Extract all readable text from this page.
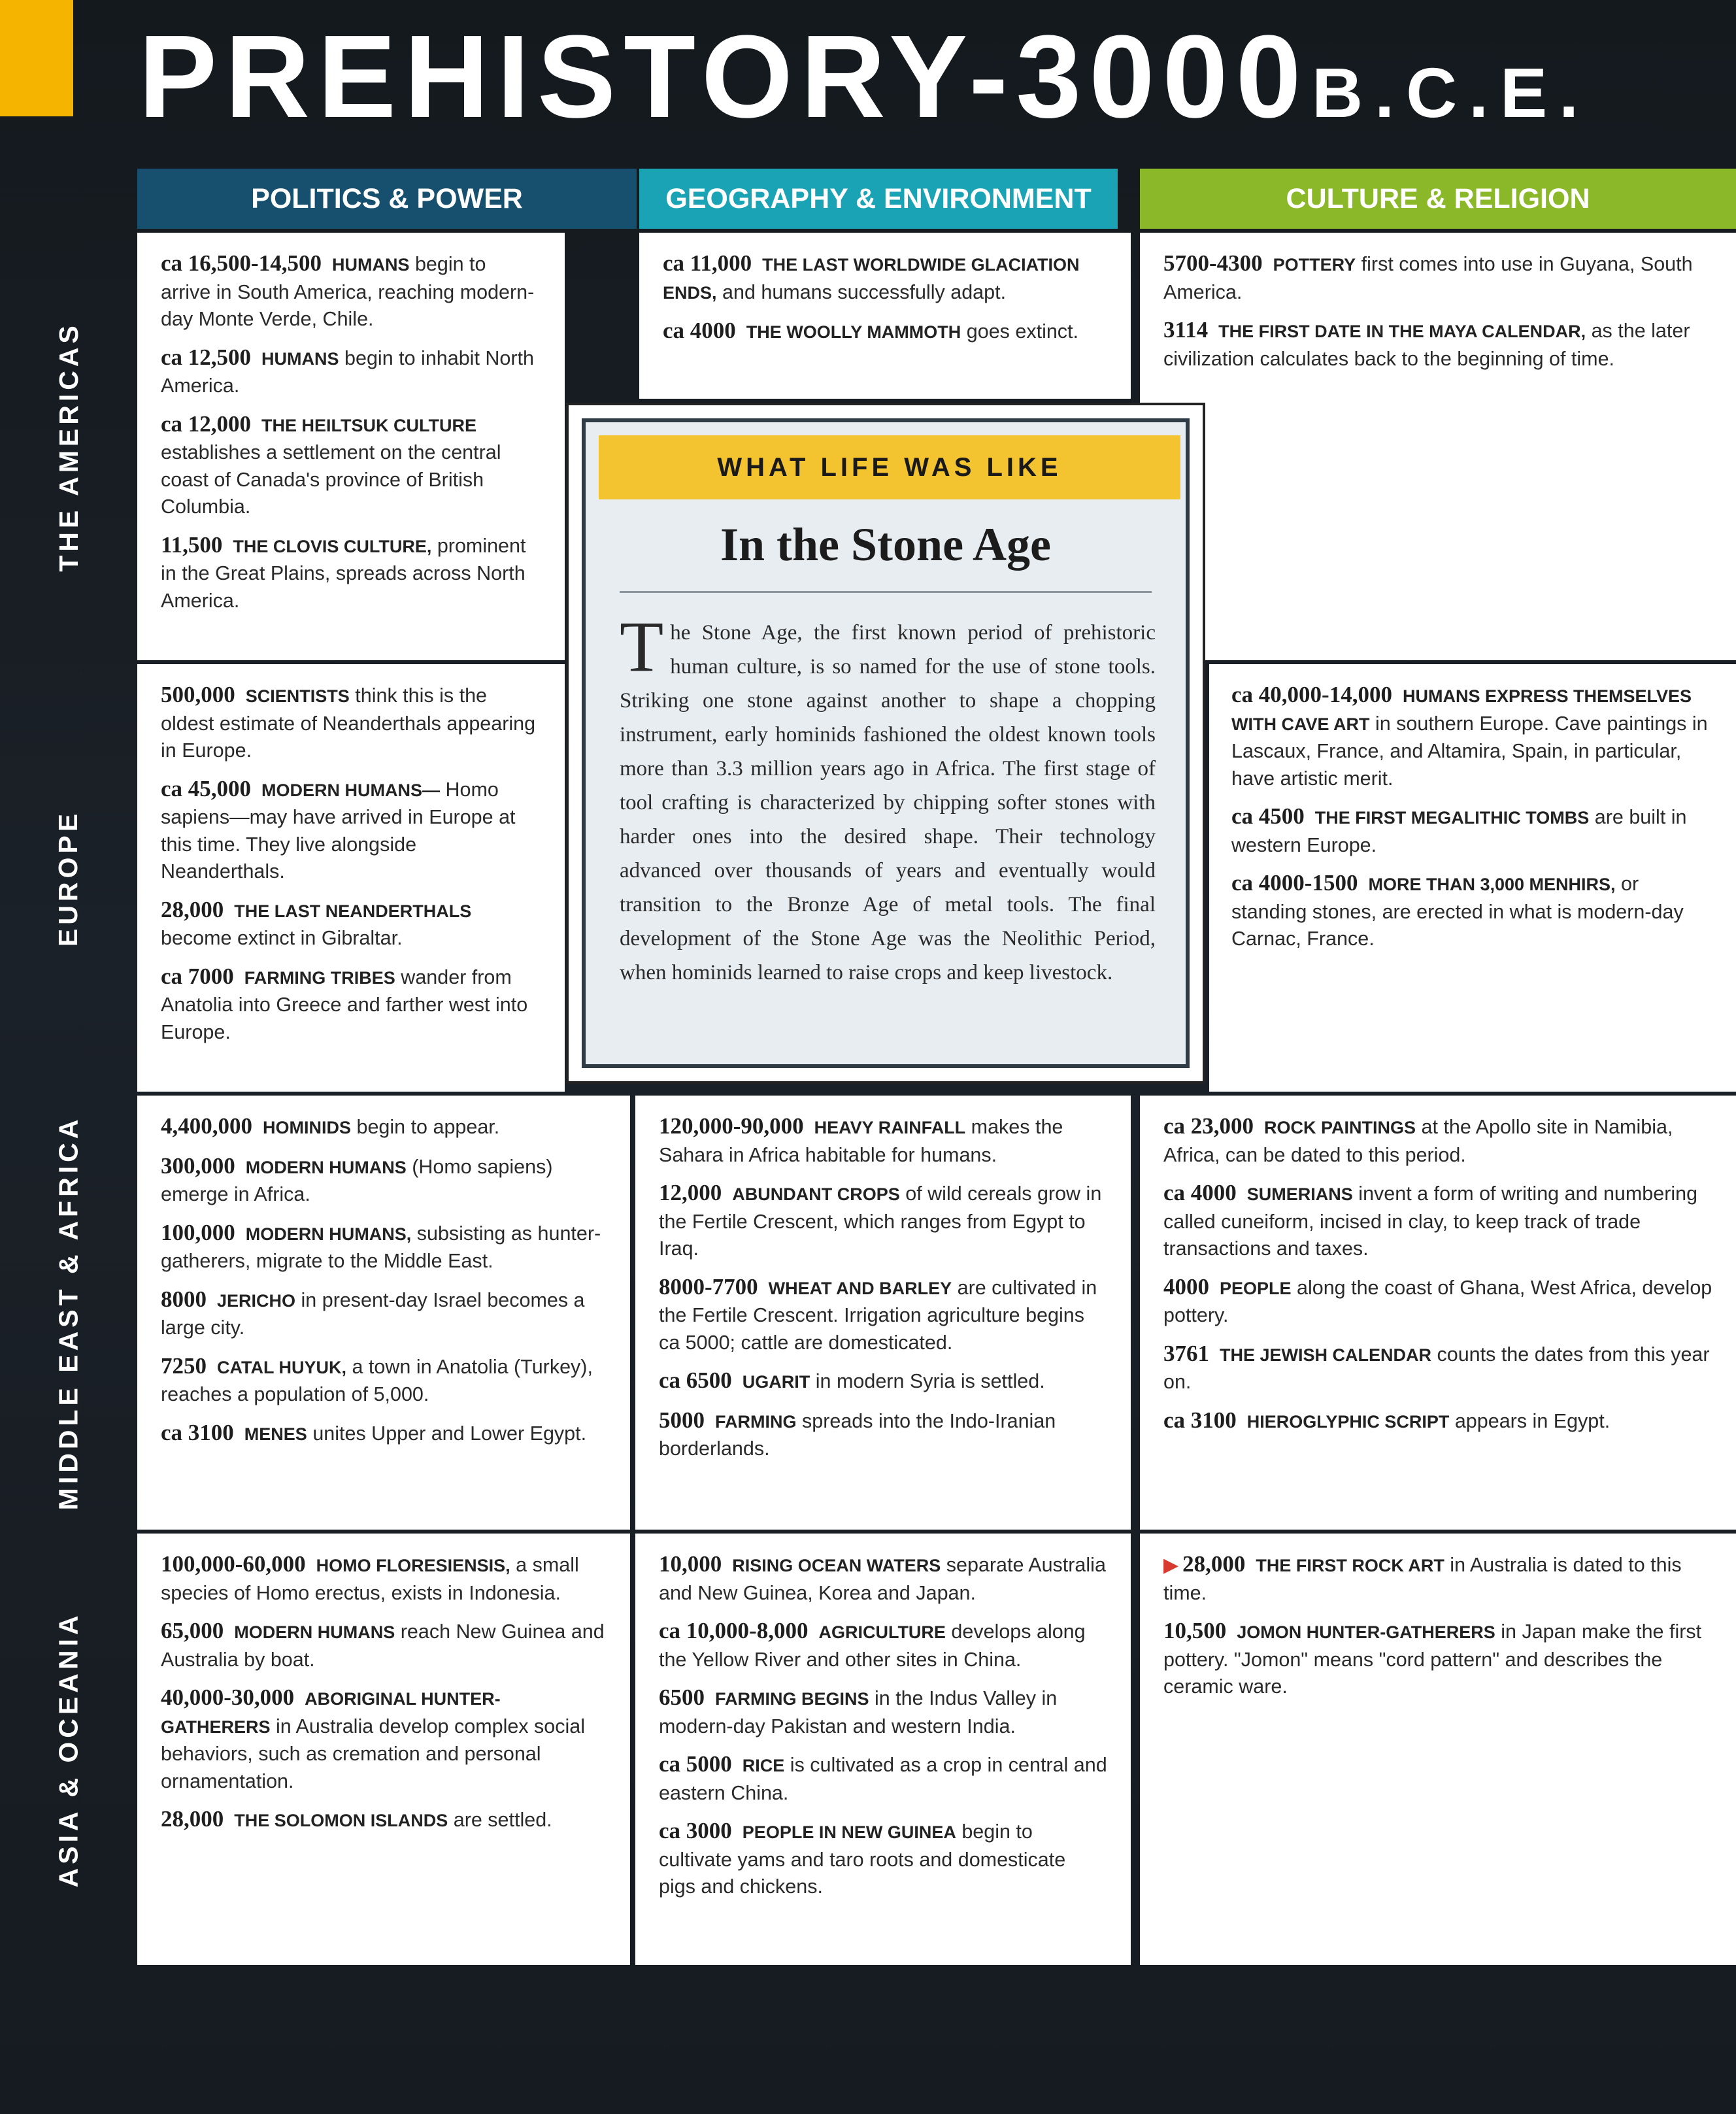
PREHISTORY-3000 B.C.E.
POLITICS & POWER	GEOGRAPHY & ENVIRONMENT	CULTURE & RELIGION
THE AMERICAS
EUROPE
MIDDLE EAST & AFRICA
ASIA & OCEANIA
ca 16,500-14,500 HUMANS begin to arrive in South America, reaching modern-day Monte Verde, Chile.
ca 12,500 HUMANS begin to inhabit North America.
ca 12,000 THE HEILTSUK CULTURE establishes a settlement on the central coast of Canada's province of British Columbia.
11,500 THE CLOVIS CULTURE, prominent in the Great Plains, spreads across North America.
ca 11,000 THE LAST WORLDWIDE GLACIATION ENDS, and humans successfully adapt.
ca 4000 THE WOOLLY MAMMOTH goes extinct.
5700-4300 POTTERY first comes into use in Guyana, South America.
3114 THE FIRST DATE IN THE MAYA CALENDAR, as the later civilization calculates back to the beginning of time.
500,000 SCIENTISTS think this is the oldest estimate of Neanderthals appearing in Europe.
ca 45,000 MODERN HUMANS— Homo sapiens—may have arrived in Europe at this time. They live alongside Neanderthals.
28,000 THE LAST NEANDERTHALS become extinct in Gibraltar.
ca 7000 FARMING TRIBES wander from Anatolia into Greece and farther west into Europe.
ca 40,000-14,000 HUMANS EXPRESS THEMSELVES WITH CAVE ART in southern Europe. Cave paintings in Lascaux, France, and Altamira, Spain, in particular, have artistic merit.
ca 4500 THE FIRST MEGALITHIC TOMBS are built in western Europe.
ca 4000-1500 MORE THAN 3,000 MENHIRS, or standing stones, are erected in what is modern-day Carnac, France.
4,400,000 HOMINIDS begin to appear.
300,000 MODERN HUMANS (Homo sapiens) emerge in Africa.
100,000 MODERN HUMANS, subsisting as hunter-gatherers, migrate to the Middle East.
8000 JERICHO in present-day Israel becomes a large city.
7250 CATAL HUYUK, a town in Anatolia (Turkey), reaches a population of 5,000.
ca 3100 MENES unites Upper and Lower Egypt.
120,000-90,000 HEAVY RAINFALL makes the Sahara in Africa habitable for humans.
12,000 ABUNDANT CROPS of wild cereals grow in the Fertile Crescent, which ranges from Egypt to Iraq.
8000-7700 WHEAT AND BARLEY are cultivated in the Fertile Crescent. Irrigation agriculture begins ca 5000; cattle are domesticated.
ca 6500 UGARIT in modern Syria is settled.
5000 FARMING spreads into the Indo-Iranian borderlands.
ca 23,000 ROCK PAINTINGS at the Apollo site in Namibia, Africa, can be dated to this period.
ca 4000 SUMERIANS invent a form of writing and numbering called cuneiform, incised in clay, to keep track of trade transactions and taxes.
4000 PEOPLE along the coast of Ghana, West Africa, develop pottery.
3761 THE JEWISH CALENDAR counts the dates from this year on.
ca 3100 HIEROGLYPHIC SCRIPT appears in Egypt.
100,000-60,000 HOMO FLORESIENSIS, a small species of Homo erectus, exists in Indonesia.
65,000 MODERN HUMANS reach New Guinea and Australia by boat.
40,000-30,000 ABORIGINAL HUNTER-GATHERERS in Australia develop complex social behaviors, such as cremation and personal ornamentation.
28,000 THE SOLOMON ISLANDS are settled.
10,000 RISING OCEAN WATERS separate Australia and New Guinea, Korea and Japan.
ca 10,000-8,000 AGRICULTURE develops along the Yellow River and other sites in China.
6500 FARMING BEGINS in the Indus Valley in modern-day Pakistan and western India.
ca 5000 RICE is cultivated as a crop in central and eastern China.
ca 3000 PEOPLE IN NEW GUINEA begin to cultivate yams and taro roots and domesticate pigs and chickens.
▶ 28,000 THE FIRST ROCK ART in Australia is dated to this time.
10,500 JOMON HUNTER-GATHERERS in Japan make the first pottery. "Jomon" means "cord pattern" and describes the ceramic ware.
WHAT LIFE WAS LIKE
In the Stone Age
The Stone Age, the first known period of prehistoric human culture, is so named for the use of stone tools. Striking one stone against another to shape a chopping instrument, early hominids fashioned the oldest known tools more than 3.3 million years ago in Africa. The first stage of tool crafting is characterized by chipping softer stones with harder ones into the desired shape. Their technology advanced over thousands of years and eventually would transition to the Bronze Age of metal tools. The final development of the Stone Age was the Neolithic Period, when hominids learned to raise crops and keep livestock.
